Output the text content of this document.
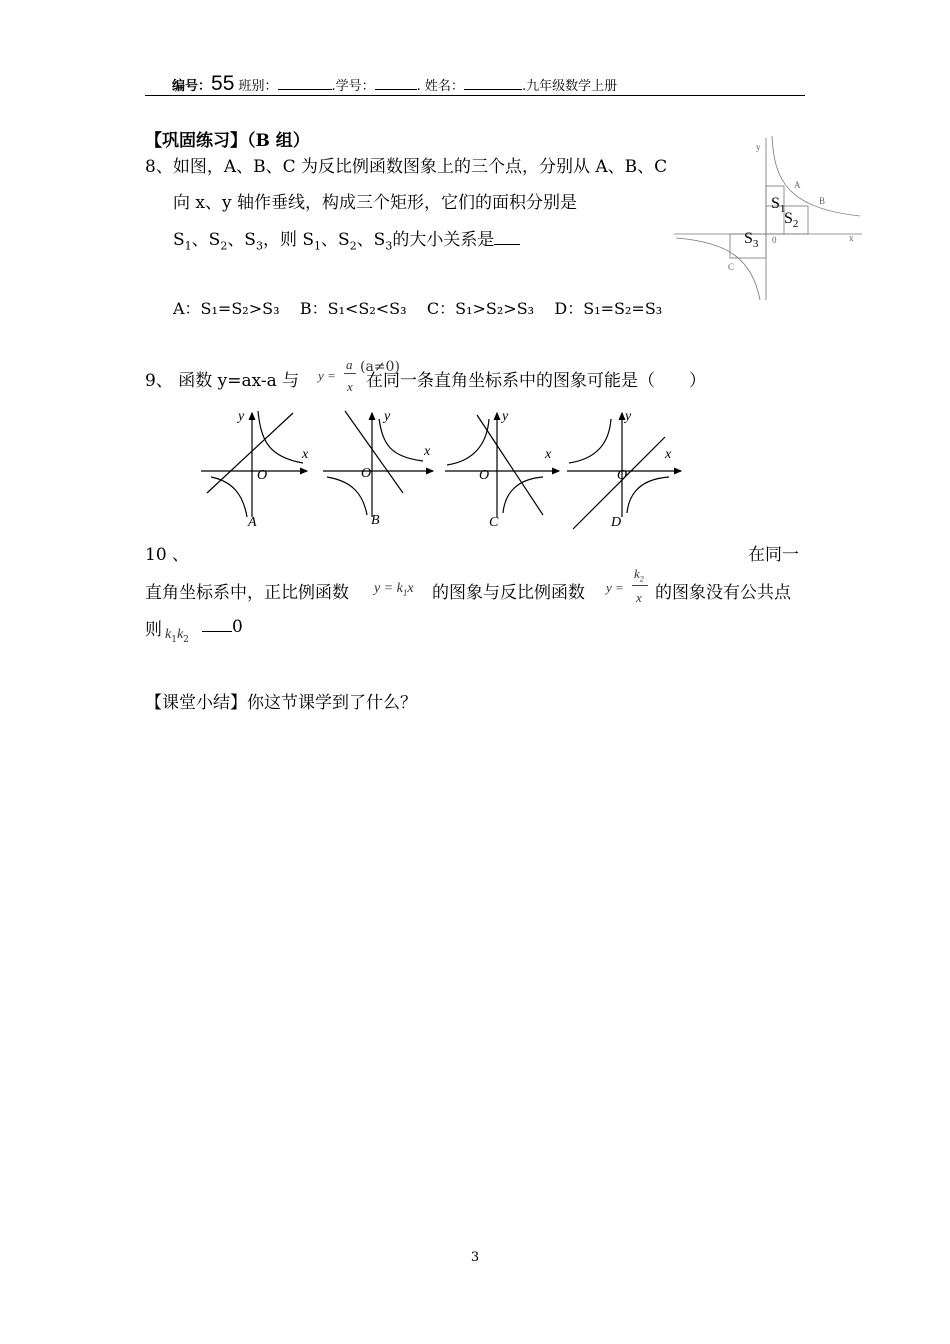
编号：55 班别：	.学号：	. 姓名：	.九年级数学上册
【巩固练习】（B 组）
8、如图，A、B、C 为反比例函数图象上的三个点，分别从 A、B、C
向 x、y 轴作垂线，构成三个矩形，它们的面积分别是
$S_1$、$S_2$、$S_3$，则 $S_1$、$S_2$、$S_3$的大小关系是
A：S₁=S₂>S₃ B：S₁<S₂<S₃ C：S₁>S₂>S₃ D：S₁=S₂=S₃
y
x
0
A
B
C
$S_1$
$S_2$
$S_3$
9、 函数 y=ax-a 与 y =
a
x
(a≠0)
在同一条直角坐标系中的图象可能是（　　）
y
x
O
A
y
x
O
B
y
x
O
C
y
x
O
D
10 、	在同一
直角坐标系中，正比例函数 $y = k_1x$ 的图象与反比例函数 y =
$k_2$
x 的图象没有公共点
则 $k_1k_2$
0
【课堂小结】你这节课学到了什么？
3
